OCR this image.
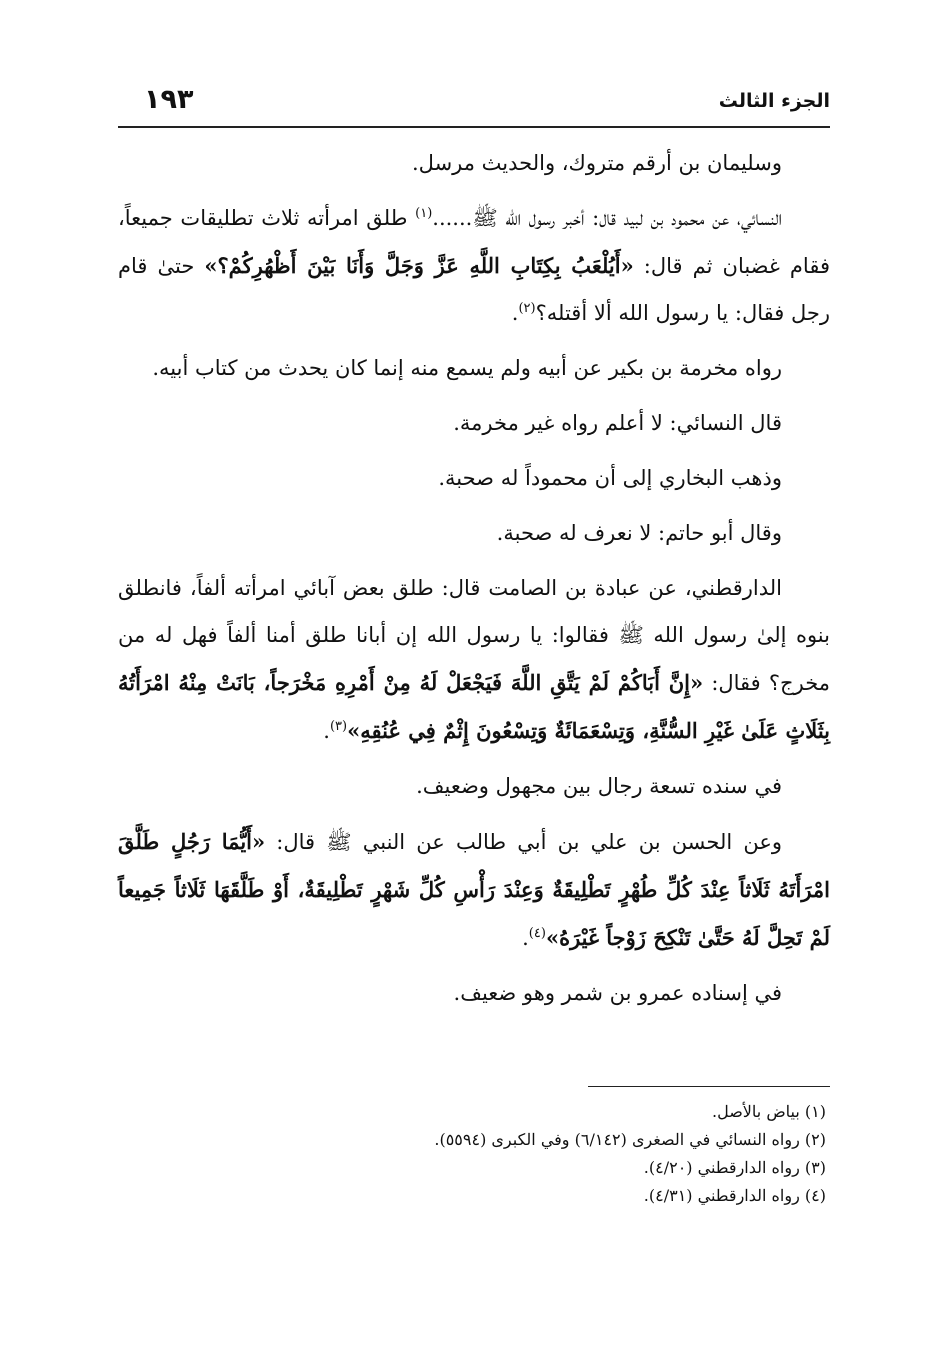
الجزء الثالث
١٩٣

وسليمان بن أرقم متروك، والحديث مرسل.

النسائي، عن محمود بن لبيد قال: أخبر رسول الله ﷺ......$^{(١)}$ طلق امرأته ثلاث تطليقات جميعاً، فقام غضبان ثم قال: «أَيُلْعَبُ بِكِتَابِ اللَّهِ عَزَّ وَجَلَّ وَأَنَا بَيْنَ أَظْهُرِكُمْ؟» حتىٰ قام رجل فقال: يا رسول الله ألا أقتله؟$^{(٢)}$.

رواه مخرمة بن بكير عن أبيه ولم يسمع منه إنما كان يحدث من كتاب أبيه.

قال النسائي: لا أعلم رواه غير مخرمة.

وذهب البخاري إلى أن محموداً له صحبة.

وقال أبو حاتم: لا نعرف له صحبة.

الدارقطني، عن عبادة بن الصامت قال: طلق بعض آبائي امرأته ألفاً، فانطلق بنوه إلىٰ رسول الله ﷺ فقالوا: يا رسول الله إن أبانا طلق أمنا ألفاً فهل له من مخرج؟ فقال: «إِنَّ أَبَاكُمْ لَمْ يَتَّقِ اللَّهَ فَيَجْعَلْ لَهُ مِنْ أَمْرِهِ مَخْرَجاً، بَانَتْ مِنْهُ امْرَأَتُهُ بِثَلَاثٍ عَلَىٰ غَيْرِ السُّنَّةِ، وَتِسْعَمَائَةٌ وَتِسْعُونَ إِثْمٌ فِي عُنُقِهِ»$^{(٣)}$.

في سنده تسعة رجال بين مجهول وضعيف.

وعن الحسن بن علي بن أبي طالب عن النبي ﷺ قال: «أَيُّمَا رَجُلٍ طَلَّقَ امْرَأَتَهُ ثَلَاثاً عِنْدَ كُلِّ طُهْرٍ تَطْلِيقَةٌ وَعِنْدَ رَأْسِ كُلِّ شَهْرٍ تَطْلِيقَةٌ، أَوْ طَلَّقَهَا ثَلَاثاً جَمِيعاً لَمْ تَحِلَّ لَهُ حَتَّىٰ تَنْكِحَ زَوْجاً غَيْرَهُ»$^{(٤)}$.

في إسناده عمرو بن شمر وهو ضعيف.

(١) بياض بالأصل.

(٢) رواه النسائي في الصغرى (٦/١٤٢) وفي الكبرى (٥٥٩٤).

(٣) رواه الدارقطني (٤/٢٠).

(٤) رواه الدارقطني (٤/٣١).
